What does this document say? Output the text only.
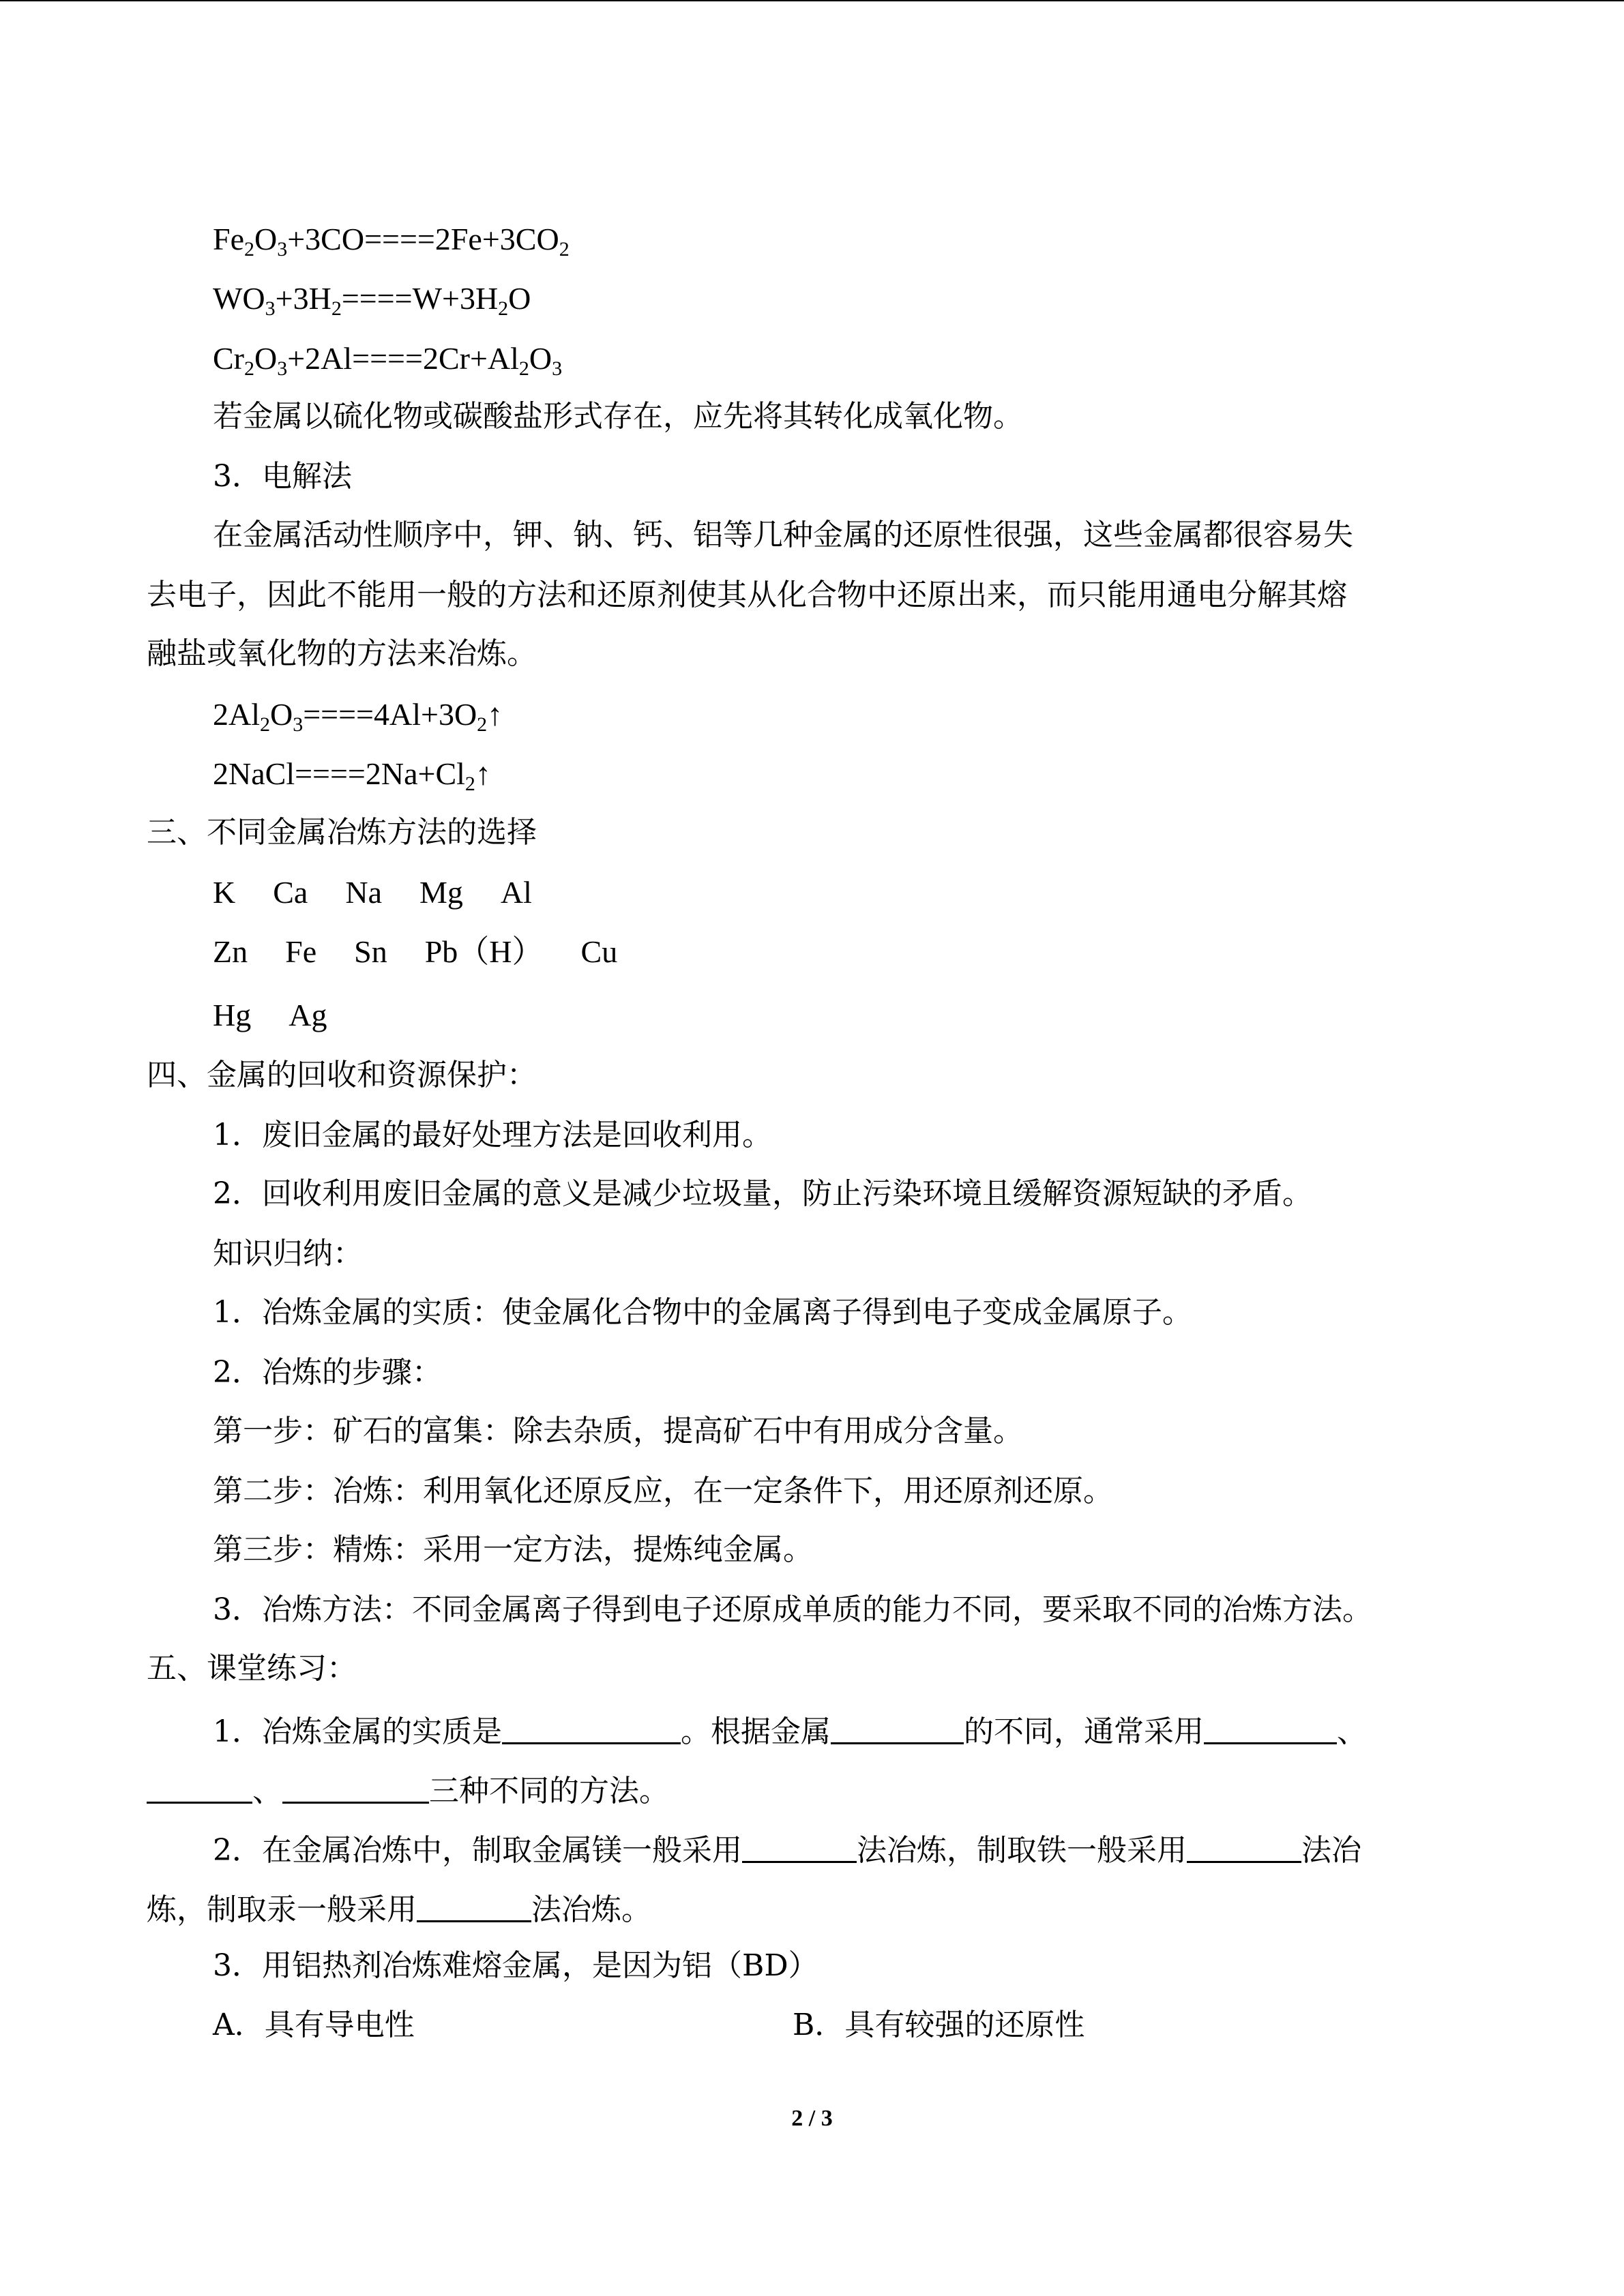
$Fe_2O_3+3CO====2Fe+3CO_2$
$WO_3+3H_2====W+3H_2O$
$Cr_2O_3+2Al====2Cr+Al_2O_3$
若金属以硫化物或碳酸盐形式存在，应先将其转化成氧化物。
3．电解法
在金属活动性顺序中，钾、钠、钙、铝等几种金属的还原性很强，这些金属都很容易失
去电子，因此不能用一般的方法和还原剂使其从化合物中还原出来，而只能用通电分解其熔
融盐或氧化物的方法来冶炼。
$2Al_2O_3====4Al+3O_2↑$
$2NaCl====2Na+Cl_2↑$
三、不同金属冶炼方法的选择
K Ca Na Mg Al
Zn Fe Sn Pb（H） Cu
Hg Ag
四、金属的回收和资源保护：
1．废旧金属的最好处理方法是回收利用。
2．回收利用废旧金属的意义是减少垃圾量，防止污染环境且缓解资源短缺的矛盾。
知识归纳：
1．冶炼金属的实质：使金属化合物中的金属离子得到电子变成金属原子。
2．冶炼的步骤：
第一步：矿石的富集：除去杂质，提高矿石中有用成分含量。
第二步：冶炼：利用氧化还原反应，在一定条件下，用还原剂还原。
第三步：精炼：采用一定方法，提炼纯金属。
3．冶炼方法：不同金属离子得到电子还原成单质的能力不同，要采取不同的冶炼方法。
五、课堂练习：
1．冶炼金属的实质是	。根据金属	的不同，通常采用	、
、	三种不同的方法。
2．在金属冶炼中，制取金属镁一般采用	法冶炼，制取铁一般采用	法冶
炼，制取汞一般采用	法冶炼。
3．用铝热剂冶炼难熔金属，是因为铝（BD）
A．具有导电性	B．具有较强的还原性
2 / 3
